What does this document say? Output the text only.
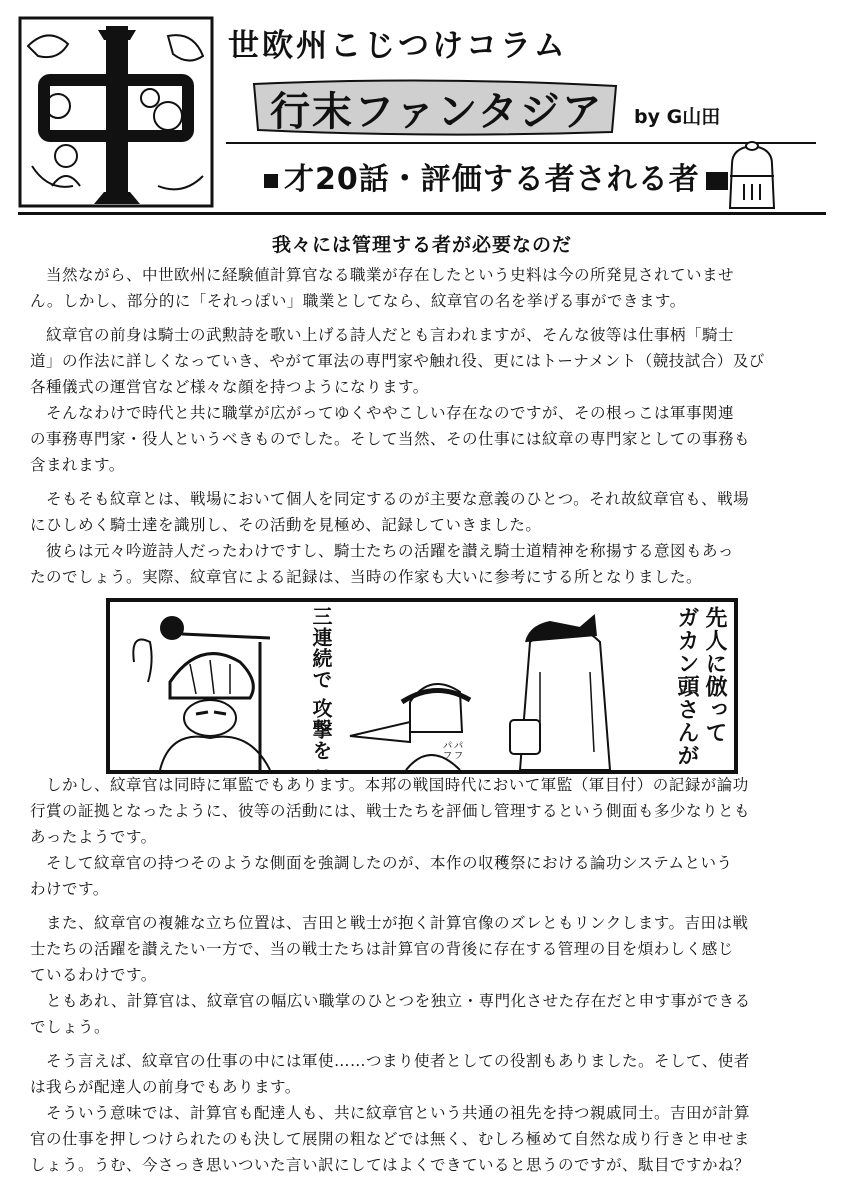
世欧州こじつけコラム
行末ファンタジア by G山田
才20話・評価する者される者
我々には管理する者が必要なのだ
　当然ながら、中世欧州に経験値計算官なる職業が存在したという史料は今の所発見されていませ
ん。しかし、部分的に「それっぽい」職業としてなら、紋章官の名を挙げる事ができます。
　紋章官の前身は騎士の武勲詩を歌い上げる詩人だとも言われますが、そんな彼等は仕事柄「騎士
道」の作法に詳しくなっていき、やがて軍法の専門家や触れ役、更にはトーナメント（競技試合）及び
各種儀式の運営官など様々な顔を持つようになります。
　そんなわけで時代と共に職掌が広がってゆくややこしい存在なのですが、その根っこは軍事関連
の事務専門家・役人というべきものでした。そして当然、その仕事には紋章の専門家としての事務も
含まれます。
　そもそも紋章とは、戦場において個人を同定するのが主要な意義のひとつ。それ故紋章官も、戦場
にひしめく騎士達を識別し、その活動を見極め、記録していきました。
　彼らは元々吟遊詩人だったわけですし、騎士たちの活躍を讃え騎士道精神を称揚する意図もあっ
たのでしょう。実際、紋章官による記録は、当時の作家も大いに参考にする所となりました。
先人に倣って
ガカン頭さんが
三連続で 攻撃を	パフ パフ
　しかし、紋章官は同時に軍監でもあります。本邦の戦国時代において軍監（軍目付）の記録が論功
行賞の証拠となったように、彼等の活動には、戦士たちを評価し管理するという側面も多少なりとも
あったようです。
　そして紋章官の持つそのような側面を強調したのが、本作の収穫祭における論功システムという
わけです。
　また、紋章官の複雑な立ち位置は、吉田と戦士が抱く計算官像のズレともリンクします。吉田は戦
士たちの活躍を讃えたい一方で、当の戦士たちは計算官の背後に存在する管理の目を煩わしく感じ
ているわけです。
　ともあれ、計算官は、紋章官の幅広い職掌のひとつを独立・専門化させた存在だと申す事ができる
でしょう。
　そう言えば、紋章官の仕事の中には軍使……つまり使者としての役割もありました。そして、使者
は我らが配達人の前身でもあります。
　そういう意味では、計算官も配達人も、共に紋章官という共通の祖先を持つ親戚同士。吉田が計算
官の仕事を押しつけられたのも決して展開の粗などでは無く、むしろ極めて自然な成り行きと申せま
しょう。うむ、今さっき思いついた言い訳にしてはよくできていると思うのですが、駄目ですかね？
